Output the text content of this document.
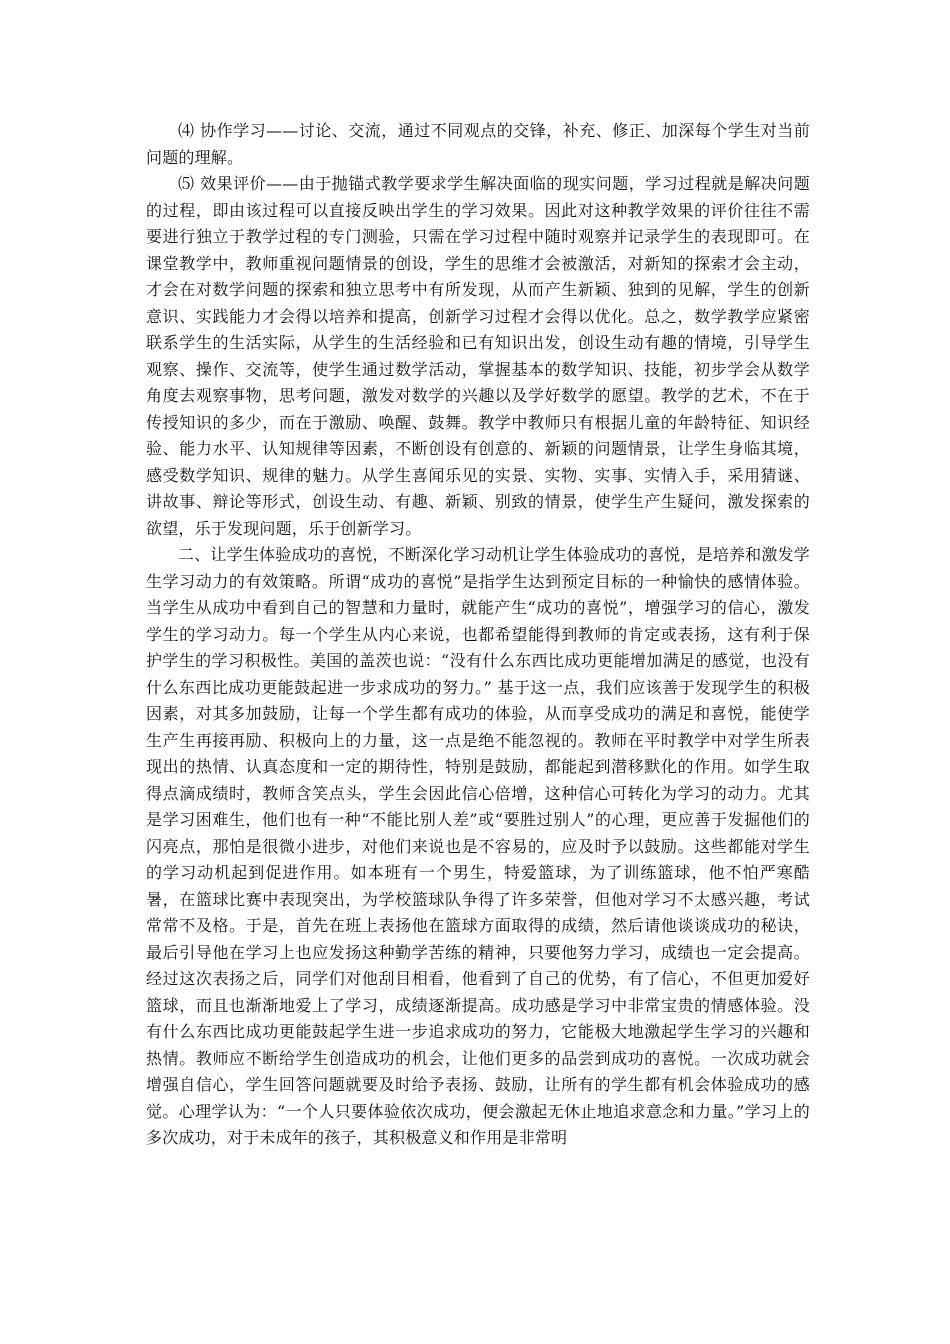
⑷ 协作学习——讨论、交流，通过不同观点的交锋，补充、修正、加深每个学生对当前问题的理解。

⑸ 效果评价——由于抛锚式教学要求学生解决面临的现实问题，学习过程就是解决问题的过程，即由该过程可以直接反映出学生的学习效果。因此对这种教学效果的评价往往不需要进行独立于教学过程的专门测验，只需在学习过程中随时观察并记录学生的表现即可。在课堂教学中，教师重视问题情景的创设，学生的思维才会被激活，对新知的探索才会主动，才会在对数学问题的探索和独立思考中有所发现，从而产生新颖、独到的见解，学生的创新意识、实践能力才会得以培养和提高，创新学习过程才会得以优化。总之，数学教学应紧密联系学生的生活实际，从学生的生活经验和已有知识出发，创设生动有趣的情境，引导学生观察、操作、交流等，使学生通过数学活动，掌握基本的数学知识、技能，初步学会从数学角度去观察事物，思考问题，激发对数学的兴趣以及学好数学的愿望。教学的艺术，不在于传授知识的多少，而在于激励、唤醒、鼓舞。教学中教师只有根据儿童的年龄特征、知识经验、能力水平、认知规律等因素，不断创设有创意的、新颖的问题情景，让学生身临其境，感受数学知识、规律的魅力。从学生喜闻乐见的实景、实物、实事、实情入手，采用猜谜、讲故事、辩论等形式，创设生动、有趣、新颖、别致的情景，使学生产生疑问，激发探索的欲望，乐于发现问题，乐于创新学习。

二、让学生体验成功的喜悦，不断深化学习动机让学生体验成功的喜悦，是培养和激发学生学习动力的有效策略。所谓“成功的喜悦”是指学生达到预定目标的一种愉快的感情体验。当学生从成功中看到自己的智慧和力量时，就能产生“成功的喜悦”，增强学习的信心，激发学生的学习动力。每一个学生从内心来说，也都希望能得到教师的肯定或表扬，这有利于保护学生的学习积极性。美国的盖茨也说：“没有什么东西比成功更能增加满足的感觉，也没有什么东西比成功更能鼓起进一步求成功的努力。” 基于这一点，我们应该善于发现学生的积极因素，对其多加鼓励，让每一个学生都有成功的体验，从而享受成功的满足和喜悦，能使学生产生再接再励、积极向上的力量，这一点是绝不能忽视的。教师在平时教学中对学生所表现出的热情、认真态度和一定的期待性，特别是鼓励，都能起到潜移默化的作用。如学生取得点滴成绩时，教师含笑点头，学生会因此信心倍增，这种信心可转化为学习的动力。尤其是学习困难生，他们也有一种“不能比别人差”或“要胜过别人”的心理，更应善于发掘他们的闪亮点，那怕是很微小进步，对他们来说也是不容易的，应及时予以鼓励。这些都能对学生的学习动机起到促进作用。如本班有一个男生，特爱篮球，为了训练篮球，他不怕严寒酷暑，在篮球比赛中表现突出，为学校篮球队争得了许多荣誉，但他对学习不太感兴趣，考试常常不及格。于是，首先在班上表扬他在篮球方面取得的成绩，然后请他谈谈成功的秘诀，最后引导他在学习上也应发扬这种勤学苦练的精神，只要他努力学习，成绩也一定会提高。经过这次表扬之后，同学们对他刮目相看，他看到了自己的优势，有了信心，不但更加爱好篮球，而且也渐渐地爱上了学习，成绩逐渐提高。成功感是学习中非常宝贵的情感体验。没有什么东西比成功更能鼓起学生进一步追求成功的努力，它能极大地激起学生学习的兴趣和热情。教师应不断给学生创造成功的机会，让他们更多的品尝到成功的喜悦。一次成功就会增强自信心，学生回答问题就要及时给予表扬、鼓励，让所有的学生都有机会体验成功的感觉。心理学认为：“一个人只要体验依次成功，便会激起无休止地追求意念和力量。”学习上的多次成功，对于未成年的孩子，其积极意义和作用是非常明
